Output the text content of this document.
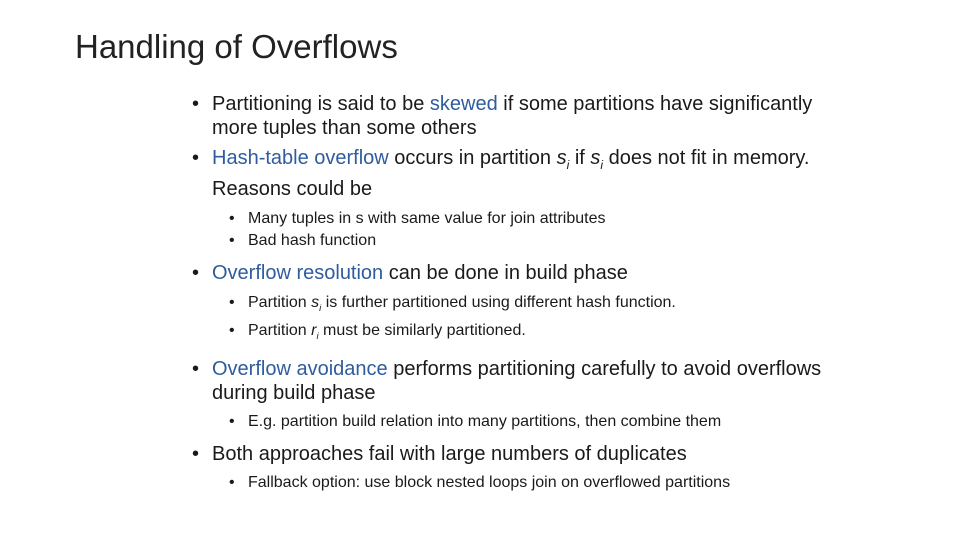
Handling of Overflows
• Partitioning is said to be skewed if some partitions have significantly more tuples than some others
• Hash-table overflow occurs in partition $s_i$ if $s_i$ does not fit in memory. Reasons could be
• Many tuples in s with same value for join attributes
• Bad hash function
• Overflow resolution can be done in build phase
• Partition $s_i$ is further partitioned using different hash function.
• Partition $r_i$ must be similarly partitioned.
• Overflow avoidance performs partitioning carefully to avoid overflows during build phase
• E.g. partition build relation into many partitions, then combine them
• Both approaches fail with large numbers of duplicates
• Fallback option: use block nested loops join on overflowed partitions
